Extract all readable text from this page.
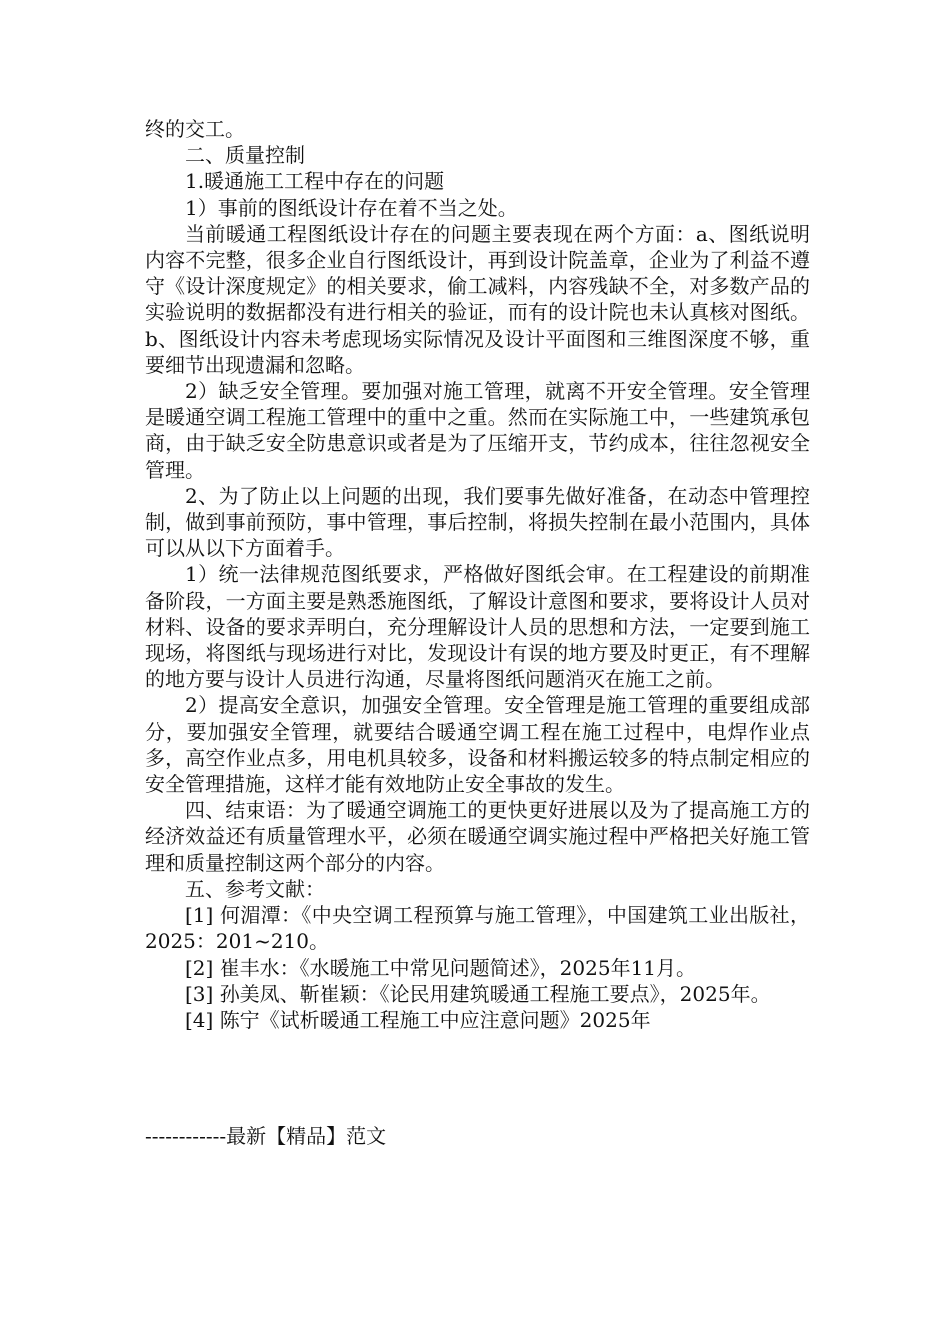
终的交工。

二、质量控制

1.暖通施工工程中存在的问题

1）事前的图纸设计存在着不当之处。

当前暖通工程图纸设计存在的问题主要表现在两个方面：a、图纸说明内容不完整，很多企业自行图纸设计，再到设计院盖章，企业为了利益不遵守《设计深度规定》的相关要求，偷工减料，内容残缺不全，对多数产品的实验说明的数据都没有进行相关的验证，而有的设计院也未认真核对图纸。b、图纸设计内容未考虑现场实际情况及设计平面图和三维图深度不够，重要细节出现遗漏和忽略。

2）缺乏安全管理。要加强对施工管理，就离不开安全管理。安全管理是暖通空调工程施工管理中的重中之重。然而在实际施工中，一些建筑承包商，由于缺乏安全防患意识或者是为了压缩开支，节约成本，往往忽视安全管理。

2、为了防止以上问题的出现，我们要事先做好准备，在动态中管理控制，做到事前预防，事中管理，事后控制，将损失控制在最小范围内，具体可以从以下方面着手。

1）统一法律规范图纸要求，严格做好图纸会审。在工程建设的前期准备阶段，一方面主要是熟悉施图纸，了解设计意图和要求，要将设计人员对材料、设备的要求弄明白，充分理解设计人员的思想和方法，一定要到施工现场，将图纸与现场进行对比，发现设计有误的地方要及时更正，有不理解的地方要与设计人员进行沟通，尽量将图纸问题消灭在施工之前。

2）提高安全意识，加强安全管理。安全管理是施工管理的重要组成部分，要加强安全管理，就要结合暖通空调工程在施工过程中，电焊作业点多，高空作业点多，用电机具较多，设备和材料搬运较多的特点制定相应的安全管理措施，这样才能有效地防止安全事故的发生。

四、结束语：为了暖通空调施工的更快更好进展以及为了提高施工方的经济效益还有质量管理水平，必须在暖通空调实施过程中严格把关好施工管理和质量控制这两个部分的内容。

五、参考文献：

[1] 何湄潭：《中央空调工程预算与施工管理》，中国建筑工业出版社，2025：201~210。

[2] 崔丰水：《水暖施工中常见问题简述》，2025年11月。

[3] 孙美凤、靳崔颖：《论民用建筑暖通工程施工要点》，2025年。

[4] 陈宁《试析暖通工程施工中应注意问题》2025年

------------最新【精品】范文
